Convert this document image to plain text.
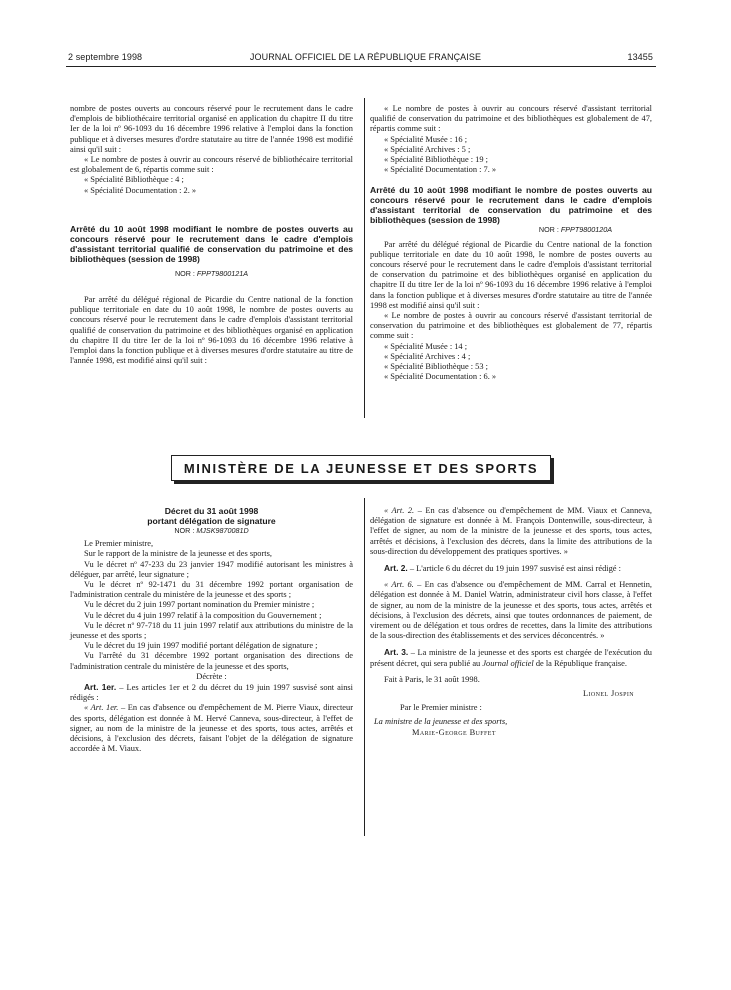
2 septembre 1998	JOURNAL OFFICIEL DE LA RÉPUBLIQUE FRANÇAISE	13455

nombre de postes ouverts au concours réservé pour le recrutement dans le cadre d'emplois de bibliothécaire territorial organisé en application du chapitre II du titre Ier de la loi nº 96-1093 du 16 décembre 1996 relative à l'emploi dans la fonction publique et à diverses mesures d'ordre statutaire au titre de l'année 1998 est modifié ainsi qu'il suit :

« Le nombre de postes à ouvrir au concours réservé de bibliothécaire territorial est globalement de 6, répartis comme suit :

« Spécialité Bibliothèque : 4 ;

« Spécialité Documentation : 2. »

Arrêté du 10 août 1998 modifiant le nombre de postes ouverts au concours réservé pour le recrutement dans le cadre d'emplois d'assistant territorial qualifié de conservation du patrimoine et des bibliothèques (session de 1998)

NOR : FPPT9800121A

Par arrêté du délégué régional de Picardie du Centre national de la fonction publique territoriale en date du 10 août 1998, le nombre de postes ouverts au concours réservé pour le recrutement dans le cadre d'emplois d'assistant territorial qualifié de conservation du patrimoine et des bibliothèques organisé en application du chapitre II du titre Ier de la loi nº 96-1093 du 16 décembre 1996 relative à l'emploi dans la fonction publique et à diverses mesures d'ordre statutaire au titre de l'année 1998, est modifié ainsi qu'il suit :

« Le nombre de postes à ouvrir au concours réservé d'assistant territorial qualifié de conservation du patrimoine et des bibliothèques est globalement de 47, répartis comme suit :

« Spécialité Musée : 16 ;

« Spécialité Archives : 5 ;

« Spécialité Bibliothèque : 19 ;

« Spécialité Documentation : 7. »

Arrêté du 10 août 1998 modifiant le nombre de postes ouverts au concours réservé pour le recrutement dans le cadre d'emplois d'assistant territorial de conservation du patrimoine et des bibliothèques (session de 1998)

NOR : FPPT9800120A

Par arrêté du délégué régional de Picardie du Centre national de la fonction publique territoriale en date du 10 août 1998, le nombre de postes ouverts au concours réservé pour le recrutement dans le cadre d'emplois d'assistant territorial de conservation du patrimoine et des bibliothèques organisé en application du chapitre II du titre Ier de la loi nº 96-1093 du 16 décembre 1996 relative à l'emploi dans la fonction publique et à diverses mesures d'ordre statutaire au titre de l'année 1998 est modifié ainsi qu'il suit :

« Le nombre de postes à ouvrir au concours réservé d'assistant territorial de conservation du patrimoine et des bibliothèques est globalement de 77, répartis comme suit :

« Spécialité Musée : 14 ;

« Spécialité Archives : 4 ;

« Spécialité Bibliothèque : 53 ;

« Spécialité Documentation : 6. »

MINISTÈRE DE LA JEUNESSE ET DES SPORTS

Décret du 31 août 1998

portant délégation de signature

NOR : MJSK9870081D

Le Premier ministre,

Sur le rapport de la ministre de la jeunesse et des sports,

Vu le décret nº 47-233 du 23 janvier 1947 modifié autorisant les ministres à déléguer, par arrêté, leur signature ;

Vu le décret nº 92-1471 du 31 décembre 1992 portant organisation de l'administration centrale du ministère de la jeunesse et des sports ;

Vu le décret du 2 juin 1997 portant nomination du Premier ministre ;

Vu le décret du 4 juin 1997 relatif à la composition du Gouvernement ;

Vu le décret nº 97-718 du 11 juin 1997 relatif aux attributions du ministre de la jeunesse et des sports ;

Vu le décret du 19 juin 1997 modifié portant délégation de signature ;

Vu l'arrêté du 31 décembre 1992 portant organisation des directions de l'administration centrale du ministère de la jeunesse et des sports,

Décrète :

Art. 1er. – Les articles 1er et 2 du décret du 19 juin 1997 susvisé sont ainsi rédigés :

« Art. 1er. – En cas d'absence ou d'empêchement de M. Pierre Viaux, directeur des sports, délégation est donnée à M. Hervé Canneva, sous-directeur, à l'effet de signer, au nom de la ministre de la jeunesse et des sports, tous actes, arrêtés et décisions, à l'exclusion des décrets, faisant l'objet de la délégation de signature accordée à M. Viaux.

« Art. 2. – En cas d'absence ou d'empêchement de MM. Viaux et Canneva, délégation de signature est donnée à M. François Dontenwille, sous-directeur, à l'effet de signer, au nom de la ministre de la jeunesse et des sports, tous actes, arrêtés et décisions, à l'exclusion des décrets, dans la limite des attributions de la sous-direction du développement des pratiques sportives. »

Art. 2. – L'article 6 du décret du 19 juin 1997 susvisé est ainsi rédigé :

« Art. 6. – En cas d'absence ou d'empêchement de MM. Carral et Hennetin, délégation est donnée à M. Daniel Watrin, administrateur civil hors classe, à l'effet de signer, au nom de la ministre de la jeunesse et des sports, tous actes, arrêtés et décisions, à l'exclusion des décrets, ainsi que toutes ordonnances de paiement, de virement ou de délégation et tous ordres de recettes, dans la limite des attributions de la sous-direction des établissements et des services déconcentrés. »

Art. 3. – La ministre de la jeunesse et des sports est chargée de l'exécution du présent décret, qui sera publié au Journal officiel de la République française.

Fait à Paris, le 31 août 1998.

Lionel Jospin

Par le Premier ministre :

La ministre de la jeunesse et des sports,

Marie-George Buffet
